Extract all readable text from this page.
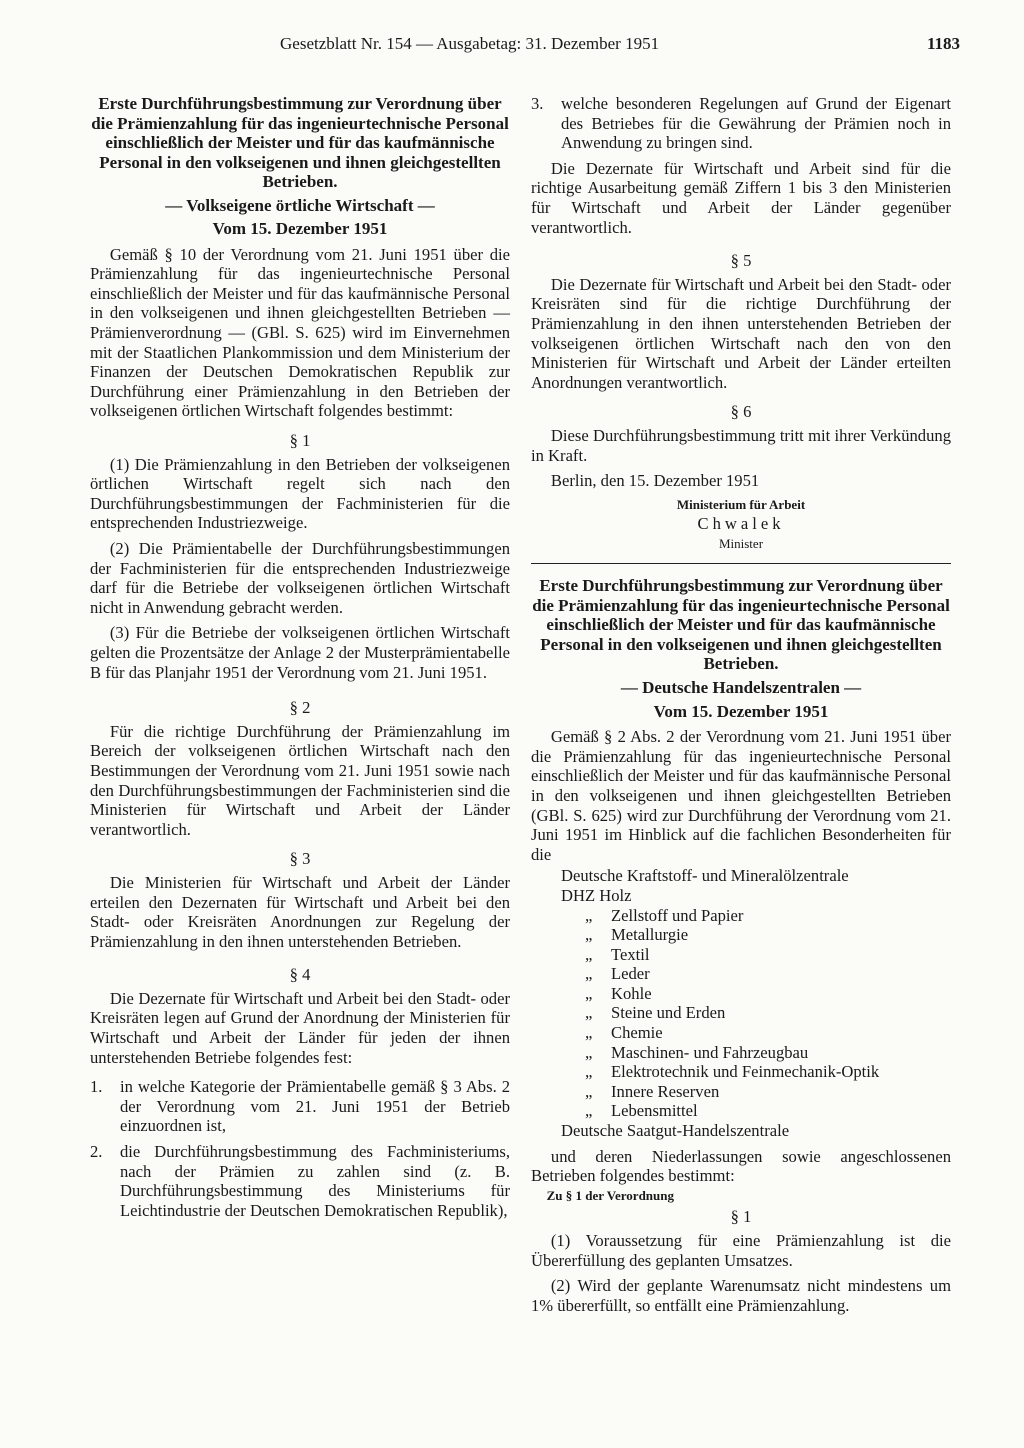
Gesetzblatt Nr. 154 — Ausgabetag: 31. Dezember 1951	1183
Erste Durchführungsbestimmung zur Verordnung über die Prämienzahlung für das ingenieurtechnische Personal einschließlich der Meister und für das kaufmännische Personal in den volkseigenen und ihnen gleichgestellten Betrieben.
— Volkseigene örtliche Wirtschaft —
Vom 15. Dezember 1951

Gemäß § 10 der Verordnung vom 21. Juni 1951 über die Prämienzahlung für das ingenieurtechnische Personal einschließlich der Meister und für das kaufmännische Personal in den volkseigenen und ihnen gleichgestellten Betrieben — Prämienverordnung — (GBl. S. 625) wird im Einvernehmen mit der Staatlichen Plankommission und dem Ministerium der Finanzen der Deutschen Demokratischen Republik zur Durchführung einer Prämienzahlung in den Betrieben der volkseigenen örtlichen Wirtschaft folgendes bestimmt:

§ 1

(1) Die Prämienzahlung in den Betrieben der volkseigenen örtlichen Wirtschaft regelt sich nach den Durchführungsbestimmungen der Fachministerien für die entsprechenden Industriezweige.

(2) Die Prämientabelle der Durchführungsbestimmungen der Fachministerien für die entsprechenden Industriezweige darf für die Betriebe der volkseigenen örtlichen Wirtschaft nicht in Anwendung gebracht werden.

(3) Für die Betriebe der volkseigenen örtlichen Wirtschaft gelten die Prozentsätze der Anlage 2 der Musterprämientabelle B für das Planjahr 1951 der Verordnung vom 21. Juni 1951.

§ 2

Für die richtige Durchführung der Prämienzahlung im Bereich der volkseigenen örtlichen Wirtschaft nach den Bestimmungen der Verordnung vom 21. Juni 1951 sowie nach den Durchführungsbestimmungen der Fachministerien sind die Ministerien für Wirtschaft und Arbeit der Länder verantwortlich.

§ 3

Die Ministerien für Wirtschaft und Arbeit der Länder erteilen den Dezernaten für Wirtschaft und Arbeit bei den Stadt- oder Kreisräten Anordnungen zur Regelung der Prämienzahlung in den ihnen unterstehenden Betrieben.

§ 4

Die Dezernate für Wirtschaft und Arbeit bei den Stadt- oder Kreisräten legen auf Grund der Anordnung der Ministerien für Wirtschaft und Arbeit der Länder für jeden der ihnen unterstehenden Betriebe folgendes fest:

1.	in welche Kategorie der Prämientabelle gemäß § 3 Abs. 2 der Verordnung vom 21. Juni 1951 der Betrieb einzuordnen ist,
2.	die Durchführungsbestimmung des Fachministeriums, nach der Prämien zu zahlen sind (z. B. Durchführungsbestimmung des Ministeriums für Leichtindustrie der Deutschen Demokratischen Republik),
3.	welche besonderen Regelungen auf Grund der Eigenart des Betriebes für die Gewährung der Prämien noch in Anwendung zu bringen sind.

Die Dezernate für Wirtschaft und Arbeit sind für die richtige Ausarbeitung gemäß Ziffern 1 bis 3 den Ministerien für Wirtschaft und Arbeit der Länder gegenüber verantwortlich.

§ 5

Die Dezernate für Wirtschaft und Arbeit bei den Stadt- oder Kreisräten sind für die richtige Durchführung der Prämienzahlung in den ihnen unterstehenden Betrieben der volkseigenen örtlichen Wirtschaft nach den von den Ministerien für Wirtschaft und Arbeit der Länder erteilten Anordnungen verantwortlich.

§ 6

Diese Durchführungsbestimmung tritt mit ihrer Verkündung in Kraft.

Berlin, den 15. Dezember 1951

Ministerium für Arbeit
Chwalek
Minister
Erste Durchführungsbestimmung zur Verordnung über die Prämienzahlung für das ingenieurtechnische Personal einschließlich der Meister und für das kaufmännische Personal in den volkseigenen und ihnen gleichgestellten Betrieben.
— Deutsche Handelszentralen —
Vom 15. Dezember 1951

Gemäß § 2 Abs. 2 der Verordnung vom 21. Juni 1951 über die Prämienzahlung für das ingenieurtechnische Personal einschließlich der Meister und für das kaufmännische Personal in den volkseigenen und ihnen gleichgestellten Betrieben (GBl. S. 625) wird zur Durchführung der Verordnung vom 21. Juni 1951 im Hinblick auf die fachlichen Besonderheiten für die

Deutsche Kraftstoff- und Mineralölzentrale
DHZ Holz
„ Zellstoff und Papier
„ Metallurgie
„ Textil
„ Leder
„ Kohle
„ Steine und Erden
„ Chemie
„ Maschinen- und Fahrzeugbau
„ Elektrotechnik und Feinmechanik-Optik
„ Innere Reserven
„ Lebensmittel
Deutsche Saatgut-Handelszentrale

und deren Niederlassungen sowie angeschlossenen Betrieben folgendes bestimmt:

Zu § 1 der Verordnung

§ 1

(1) Voraussetzung für eine Prämienzahlung ist die Übererfüllung des geplanten Umsatzes.

(2) Wird der geplante Warenumsatz nicht mindestens um 1% übererfüllt, so entfällt eine Prämienzahlung.
